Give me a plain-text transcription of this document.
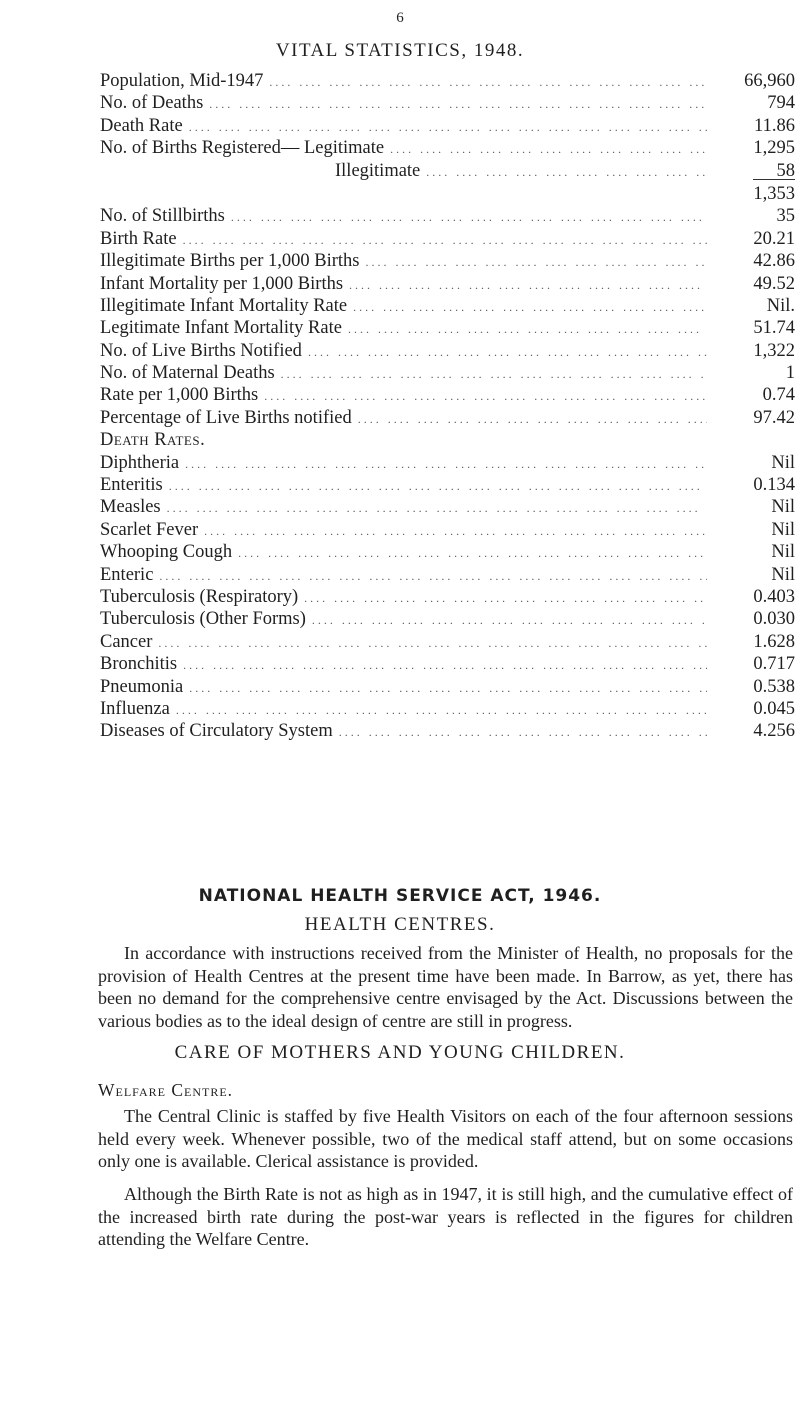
6
VITAL STATISTICS, 1948.
Population, Mid-1947 ....	66,960
No. of Deaths ....	794
Death Rate ....	11.86
No. of Births Registered— Legitimate ....	1,295
Illegitimate ....	58
1,353
No. of Stillbirths ....	35
Birth Rate ....	20.21
Illegitimate Births per 1,000 Births ....	42.86
Infant Mortality per 1,000 Births ....	49.52
Illegitimate Infant Mortality Rate ....	Nil.
Legitimate Infant Mortality Rate ....	51.74
No. of Live Births Notified ....	1,322
No. of Maternal Deaths ....	1
Rate per 1,000 Births ....	0.74
Percentage of Live Births notified ....	97.42
Death Rates.
Diphtheria ....	Nil
Enteritis ....	0.134
Measles ....	Nil
Scarlet Fever ....	Nil
Whooping Cough ....	Nil
Enteric ....	Nil
Tuberculosis (Respiratory) ....	0.403
Tuberculosis (Other Forms) ....	0.030
Cancer ....	1.628
Bronchitis ....	0.717
Pneumonia ....	0.538
Influenza ....	0.045
Diseases of Circulatory System ....	4.256
NATIONAL HEALTH SERVICE ACT, 1946.
HEALTH CENTRES.
In accordance with instructions received from the Minister of Health, no proposals for the provision of Health Centres at the present time have been made. In Barrow, as yet, there has been no demand for the comprehensive centre envisaged by the Act. Discussions between the various bodies as to the ideal design of centre are still in progress.
CARE OF MOTHERS AND YOUNG CHILDREN.
Welfare Centre.
The Central Clinic is staffed by five Health Visitors on each of the four afternoon sessions held every week. Whenever possible, two of the medical staff attend, but on some occasions only one is available. Clerical assistance is provided.
Although the Birth Rate is not as high as in 1947, it is still high, and the cumulative effect of the increased birth rate during the post-war years is reflected in the figures for children attending the Welfare Centre.
